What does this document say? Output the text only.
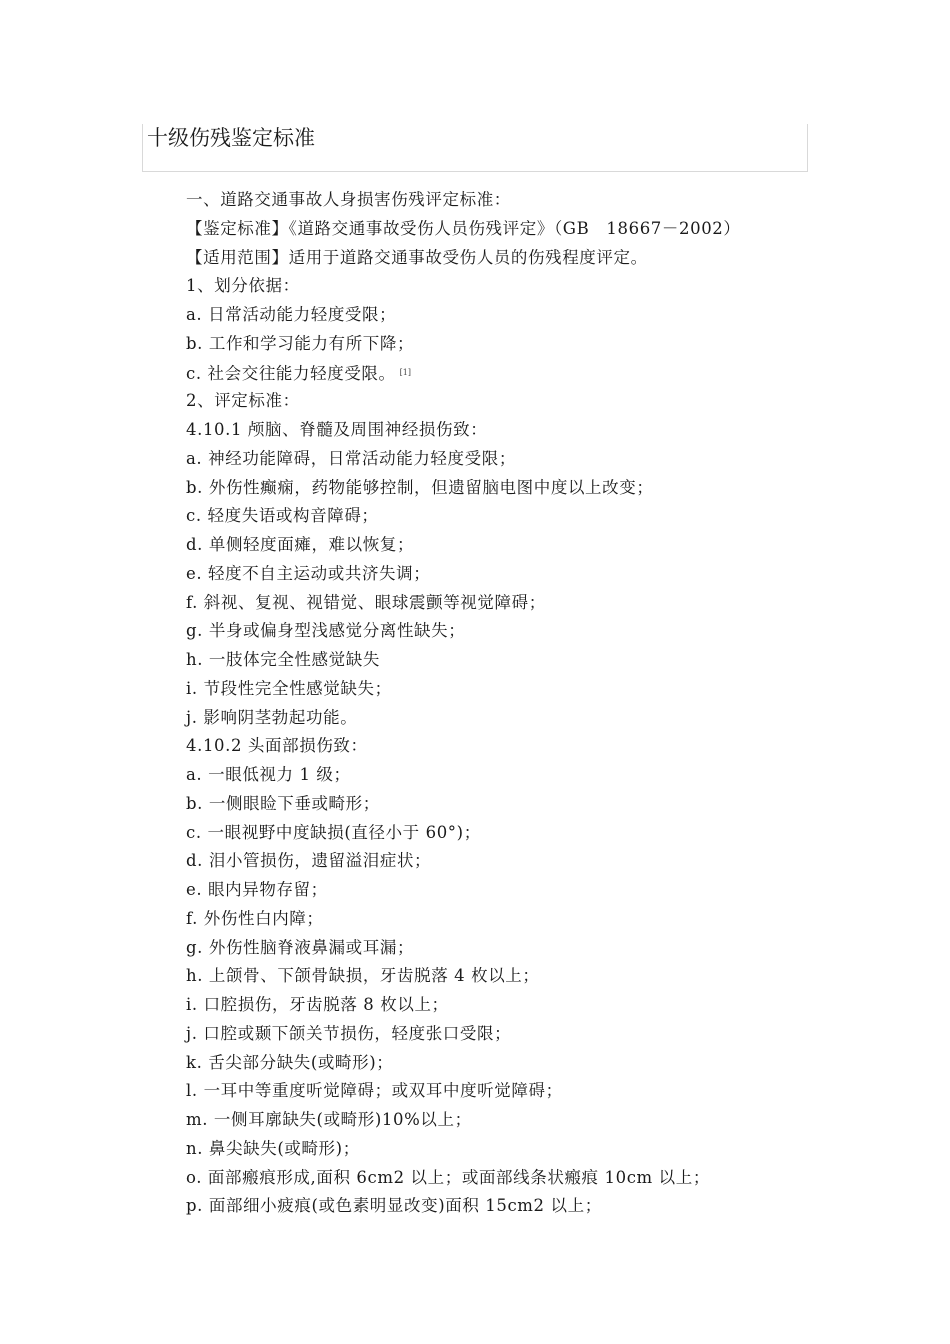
十级伤残鉴定标准
一、道路交通事故人身损害伤残评定标准：
【鉴定标准】《道路交通事故受伤人员伤残评定》（GB　18667－2002）
【适用范围】适用于道路交通事故受伤人员的伤残程度评定。
1、划分依据：
a. 日常活动能力轻度受限；
b. 工作和学习能力有所下降；
c. 社会交往能力轻度受限。 [1]
2、评定标准：
4.10.1 颅脑、脊髓及周围神经损伤致：
a. 神经功能障碍，日常活动能力轻度受限；
b. 外伤性癫痫，药物能够控制，但遗留脑电图中度以上改变；
c. 轻度失语或构音障碍；
d. 单侧轻度面瘫，难以恢复；
e. 轻度不自主运动或共济失调；
f. 斜视、复视、视错觉、眼球震颤等视觉障碍；
g. 半身或偏身型浅感觉分离性缺失；
h. 一肢体完全性感觉缺失
i. 节段性完全性感觉缺失；
j. 影响阴茎勃起功能。
4.10.2 头面部损伤致：
a. 一眼低视力 1 级；
b. 一侧眼睑下垂或畸形；
c. 一眼视野中度缺损(直径小于 60°)；
d. 泪小管损伤，遗留溢泪症状；
e. 眼内异物存留；
f. 外伤性白内障；
g. 外伤性脑脊液鼻漏或耳漏；
h. 上颌骨、下颌骨缺损，牙齿脱落 4 枚以上；
i. 口腔损伤，牙齿脱落 8 枚以上；
j. 口腔或颞下颌关节损伤，轻度张口受限；
k. 舌尖部分缺失(或畸形)；
l. 一耳中等重度听觉障碍；或双耳中度听觉障碍；
m. 一侧耳廓缺失(或畸形)10%以上；
n. 鼻尖缺失(或畸形)；
o. 面部瘢痕形成,面积 6cm2 以上；或面部线条状瘢痕 10cm 以上；
p. 面部细小疲痕(或色素明显改变)面积 15cm2 以上；
